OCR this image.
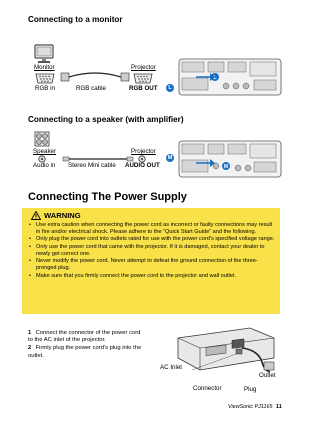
Connecting to a monitor
Monitor
RGB in	RGB cable
Projector
RGB OUT	L
L
Connecting to a speaker (with amplifier)
Speaker
Audio in Stereo Mini cable
Projector
AUDIO OUT
M
M
Connecting The Power Supply
WARNING
• Use extra caution when connecting the power cord as incorrect or faulty connections may result in fire and/or electrical shock. Please adhere to the “Quick Start Guide” and the following.
• Only plug the power cord into outlets rated for use with the power cord’s specified voltage range.
• Only use the power cord that came with the projector. If it is damaged, contact your dealer to newly get correct one.
• Never modify the power cord. Never attempt to defeat the ground connection of the three-pronged plug.
• Make sure that you firmly connect the power cord to the projector and wall outlet.
1 Connect the connector of the power cord to the AC inlet of the projector.
2 Firmly plug the power cord’s plug into the outlet.
AC Inlet
Outlet
Connector	Plug
ViewSonic PJ1165 11
